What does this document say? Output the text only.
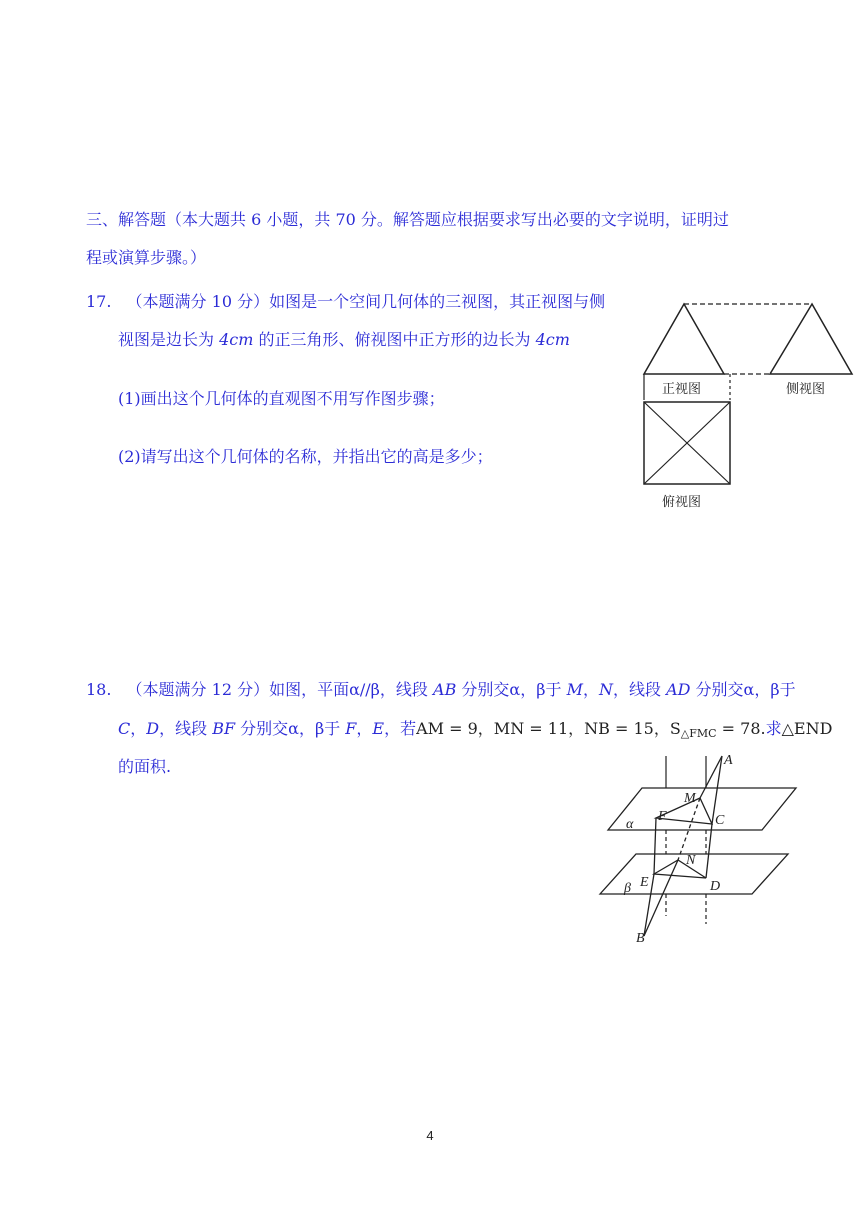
三、解答题（本大题共 6 小题，共 70 分。解答题应根据要求写出必要的文字说明，证明过
程或演算步骤。）
17. （本题满分 10 分）如图是一个空间几何体的三视图，其正视图与侧
视图是边长为 4cm 的正三角形、俯视图中正方形的边长为 4cm
(1)画出这个几何体的直观图不用写作图步骤；
(2)请写出这个几何体的名称，并指出它的高是多少；
正视图	侧视图
俯视图
18. （本题满分 12 分）如图，平面α//β，线段 AB 分别交α，β于 M，N，线段 AD 分别交α，β于
C，D，线段 BF 分别交α，β于 F，E，若AM = 9，MN = 11，NB = 15，$S_{\triangle FMC} = 78$.求△END
的面积.	A
M
F	C
α
N
E
β	D
B
4
